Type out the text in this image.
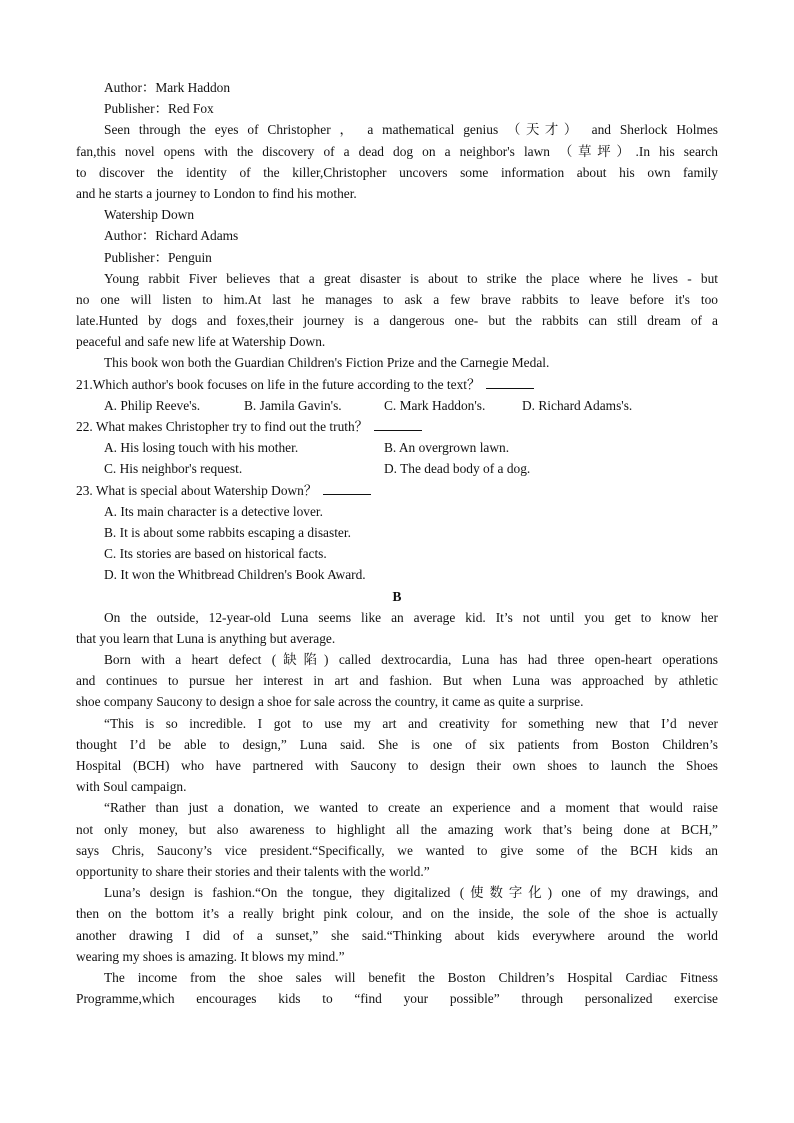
Author：Mark Haddon
Publisher：Red Fox
Seen through the eyes of Christopher ， a mathematical genius （天才） and Sherlock Holmes
fan,this novel opens with the discovery of a dead dog on a neighbor's lawn （草坪）.In his search
to discover the identity of the killer,Christopher uncovers some information about his own family
and he starts a journey to London to find his mother.
Watership Down
Author：Richard Adams
Publisher：Penguin
Young rabbit Fiver believes that a great disaster is about to strike the place where he lives - but
no one will listen to him.At last he manages to ask a few brave rabbits to leave before it's too
late.Hunted by dogs and foxes,their journey is a dangerous one- but the rabbits can still dream of a
peaceful and safe new life at Watership Down.
This book won both the Guardian Children's Fiction Prize and the Carnegie Medal.
21.Which author's book focuses on life in the future according to the text？
A. Philip Reeve's.	B. Jamila Gavin's.	C. Mark Haddon's.	D. Richard Adams's.
22. What makes Christopher try to find out the truth？
A. His losing touch with his mother.	B. An overgrown lawn.
C. His neighbor's request.	D. The dead body of a dog.
23. What is special about Watership Down？
A. Its main character is a detective lover.
B. It is about some rabbits escaping a disaster.
C. Its stories are based on historical facts.
D. It won the Whitbread Children's Book Award.
B
On the outside, 12-year-old Luna seems like an average kid. It’s not until you get to know her
that you learn that Luna is anything but average.
Born with a heart defect (缺陷) called dextrocardia, Luna has had three open-heart operations
and continues to pursue her interest in art and fashion. But when Luna was approached by athletic
shoe company Saucony to design a shoe for sale across the country, it came as quite a surprise.
“This is so incredible. I got to use my art and creativity for something new that I’d never
thought I’d be able to design,” Luna said. She is one of six patients from Boston Children’s
Hospital (BCH) who have partnered with Saucony to design their own shoes to launch the Shoes
with Soul campaign.
“Rather than just a donation, we wanted to create an experience and a moment that would raise
not only money, but also awareness to highlight all the amazing work that’s being done at BCH,”
says Chris, Saucony’s vice president.“Specifically, we wanted to give some of the BCH kids an
opportunity to share their stories and their talents with the world.”
Luna’s design is fashion.“On the tongue, they digitalized (使数字化) one of my drawings, and
then on the bottom it’s a really bright pink colour, and on the inside, the sole of the shoe is actually
another drawing I did of a sunset,” she said.“Thinking about kids everywhere around the world
wearing my shoes is amazing. It blows my mind.”
The income from the shoe sales will benefit the Boston Children’s Hospital Cardiac Fitness
Programme,which encourages kids to “find your possible” through personalized exercise
